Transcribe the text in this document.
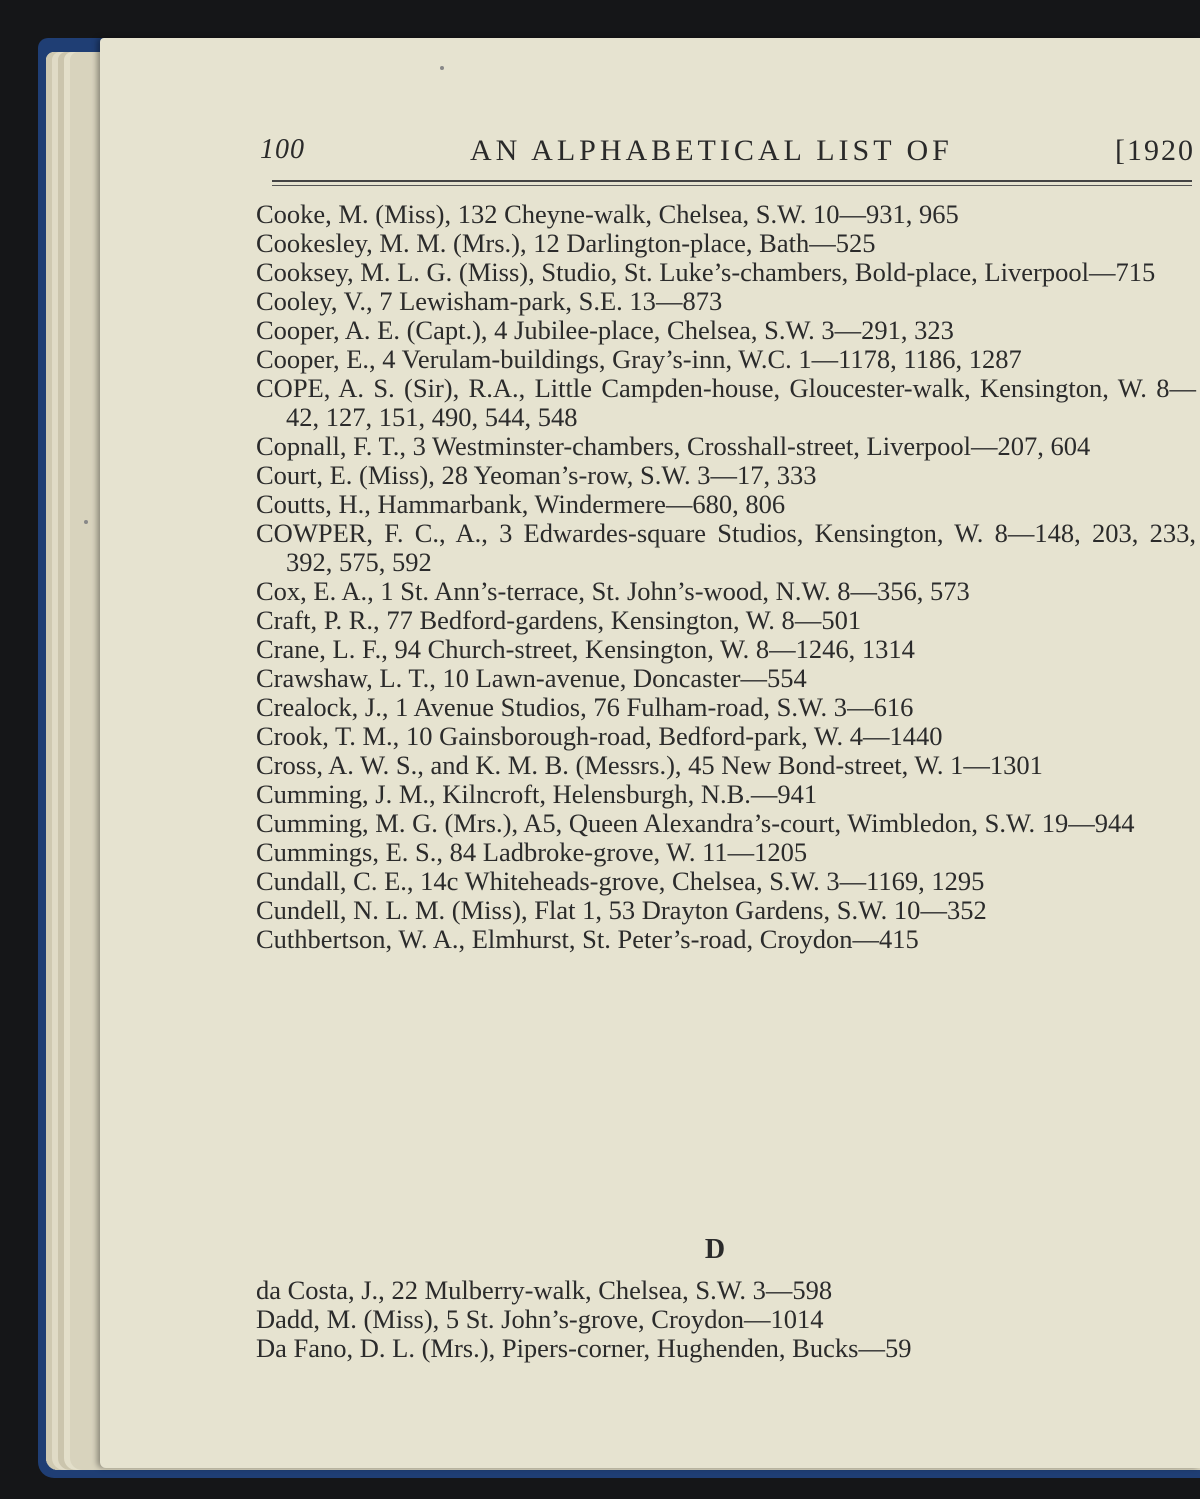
100	AN ALPHABETICAL LIST OF	[1920
Cooke, M. (Miss), 132 Cheyne-walk, Chelsea, S.W. 10—931, 965
Cookesley, M. M. (Mrs.), 12 Darlington-place, Bath—525
Cooksey, M. L. G. (Miss), Studio, St. Luke’s-chambers, Bold-place, Liverpool—715
Cooley, V., 7 Lewisham-park, S.E. 13—873
Cooper, A. E. (Capt.), 4 Jubilee-place, Chelsea, S.W. 3—291, 323
Cooper, E., 4 Verulam-buildings, Gray’s-inn, W.C. 1—1178, 1186, 1287
COPE, A. S. (Sir), R.A., Little Campden-house, Gloucester-walk, Kensington, W. 8—42, 127, 151, 490, 544, 548
Copnall, F. T., 3 Westminster-chambers, Crosshall-street, Liverpool—207, 604
Court, E. (Miss), 28 Yeoman’s-row, S.W. 3—17, 333
Coutts, H., Hammarbank, Windermere—680, 806
COWPER, F. C., A., 3 Edwardes-square Studios, Kensington, W. 8—148, 203, 233, 392, 575, 592
Cox, E. A., 1 St. Ann’s-terrace, St. John’s-wood, N.W. 8—356, 573
Craft, P. R., 77 Bedford-gardens, Kensington, W. 8—501
Crane, L. F., 94 Church-street, Kensington, W. 8—1246, 1314
Crawshaw, L. T., 10 Lawn-avenue, Doncaster—554
Crealock, J., 1 Avenue Studios, 76 Fulham-road, S.W. 3—616
Crook, T. M., 10 Gainsborough-road, Bedford-park, W. 4—1440
Cross, A. W. S., and K. M. B. (Messrs.), 45 New Bond-street, W. 1—1301
Cumming, J. M., Kilncroft, Helensburgh, N.B.—941
Cumming, M. G. (Mrs.), A5, Queen Alexandra’s-court, Wimbledon, S.W. 19—944
Cummings, E. S., 84 Ladbroke-grove, W. 11—1205
Cundall, C. E., 14c Whiteheads-grove, Chelsea, S.W. 3—1169, 1295
Cundell, N. L. M. (Miss), Flat 1, 53 Drayton Gardens, S.W. 10—352
Cuthbertson, W. A., Elmhurst, St. Peter’s-road, Croydon—415
D
da Costa, J., 22 Mulberry-walk, Chelsea, S.W. 3—598
Dadd, M. (Miss), 5 St. John’s-grove, Croydon—1014
Da Fano, D. L. (Mrs.), Pipers-corner, Hughenden, Bucks—59
